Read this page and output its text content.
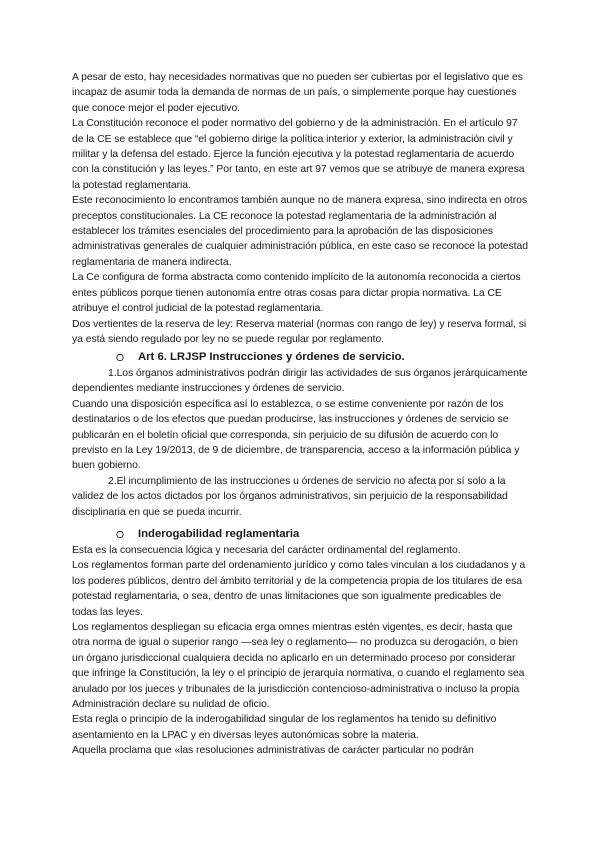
A pesar de esto, hay necesidades normativas que no pueden ser cubiertas por el legislativo que es incapaz de asumir toda la demanda de normas de un país, o simplemente porque hay cuestiones que conoce mejor el poder ejecutivo.

La Constitución reconoce el poder normativo del gobierno y de la administración. En el artículo 97 de la CE se establece que “el gobierno dirige la política interior y exterior, la administración civil y militar y la defensa del estado. Ejerce la función ejecutiva y la potestad reglamentaria de acuerdo con la constitución y las leyes.” Por tanto, en este art 97 vemos que se atribuye de manera expresa la potestad reglamentaria.

Este reconocimiento lo encontramos también aunque no de manera expresa, sino indirecta en otros preceptos constitucionales. La CE reconoce la potestad reglamentaria de la administración al establecer los trámites esenciales del procedimiento para la aprobación de las disposiciones administrativas generales de cualquier administración pública, en este caso se reconoce la potestad reglamentaria de manera indirecta.

La Ce configura de forma abstracta como contenido implícito de la autonomía reconocida a ciertos entes públicos porque tienen autonomía entre otras cosas para dictar propia normativa. La CE atribuye el control judicial de la potestad reglamentaria.

Dos vertientes de la reserva de ley: Reserva material (normas con rango de ley) y reserva formal, si ya está siendo regulado por ley no se puede regular por reglamento.

Art 6. LRJSP Instrucciones y órdenes de servicio.

1.Los órganos administrativos podrán dirigir las actividades de sus órganos jerárquicamente dependientes mediante instrucciones y órdenes de servicio.

Cuando una disposición específica así lo establezca, o se estime conveniente por razón de los destinatarios o de los efectos que puedan producirse, las instrucciones y órdenes de servicio se publicarán en el boletín oficial que corresponda, sin perjuicio de su difusión de acuerdo con lo previsto en la Ley 19/2013, de 9 de diciembre, de transparencia, acceso a la información pública y buen gobierno.

2.El incumplimiento de las instrucciones u órdenes de servicio no afecta por sí solo a la validez de los actos dictados por los órganos administrativos, sin perjuicio de la responsabilidad disciplinaria en que se pueda incurrir.

Inderogabilidad reglamentaria

Esta es la consecuencia lógica y necesaria del carácter ordinamental del reglamento.

Los reglamentos forman parte del ordenamiento jurídico y como tales vinculan a los ciudadanos y a los poderes públicos, dentro del ámbito territorial y de la competencia propia de los titulares de esa potestad reglamentaria, o sea, dentro de unas limitaciones que son igualmente predicables de todas las leyes.

Los reglamentos despliegan su eficacia erga omnes mientras estén vigentes, es decir, hasta que otra norma de igual o superior rango —sea ley o reglamento— no produzca su derogación, o bien un órgano jurisdiccional cualquiera decida no aplicarlo en un determinado proceso por considerar que infringe la Constitución, la ley o el principio de jerarquía normativa, o cuando el reglamento sea anulado por los jueces y tribunales de la jurisdicción contencioso-administrativa o incluso la propia Administración declare su nulidad de oficio.

Esta regla o principio de la inderogabilidad singular de los reglamentos ha tenido su definitivo asentamiento en la LPAC y en diversas leyes autonómicas sobre la materia.

Aquella proclama que «las resoluciones administrativas de carácter particular no podrán
